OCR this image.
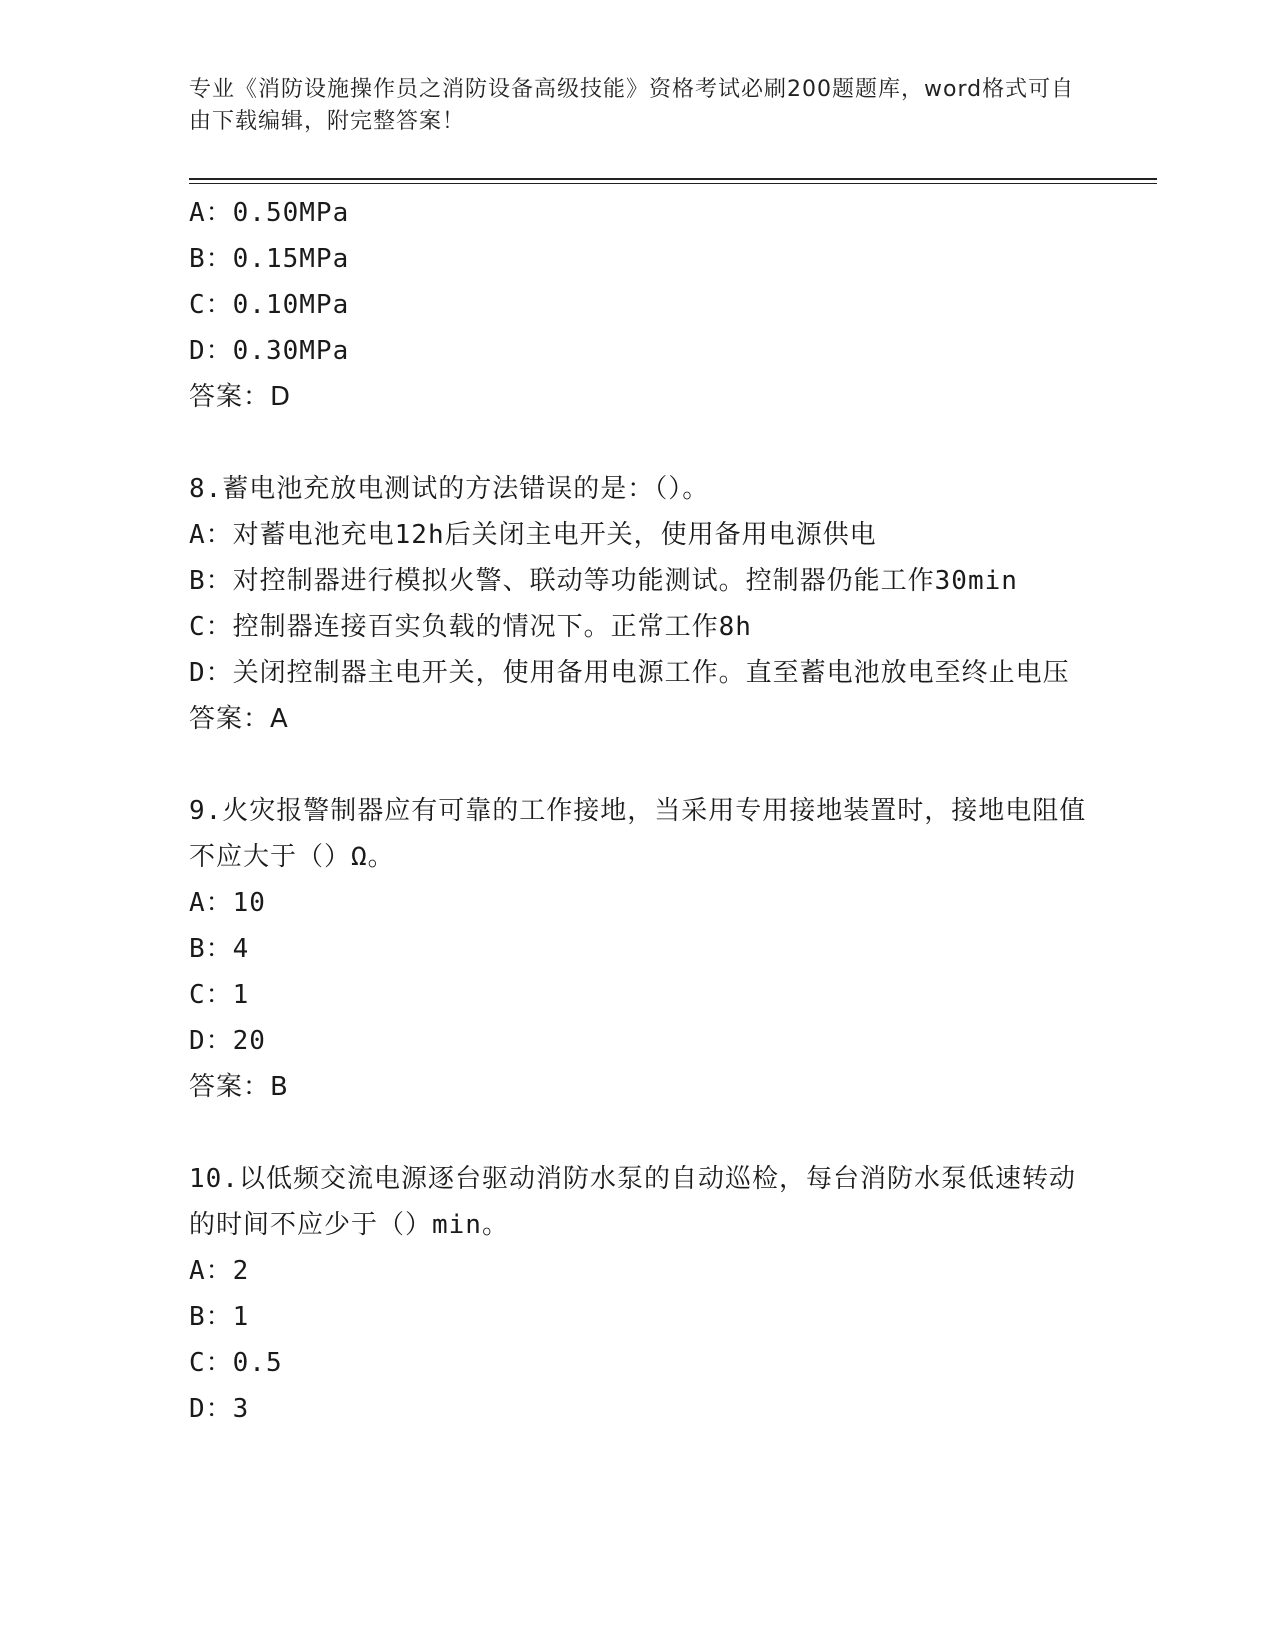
专业《消防设施操作员之消防设备高级技能》资格考试必刷200题题库，word格式可自由下载编辑，附完整答案！
A：0.50MPa
B：0.15MPa
C：0.10MPa
D：0.30MPa
答案：D
8.蓄电池充放电测试的方法错误的是：（）。
A：对蓄电池充电12h后关闭主电开关，使用备用电源供电
B：对控制器进行模拟火警、联动等功能测试。控制器仍能工作30min
C：控制器连接百实负载的情况下。正常工作8h
D：关闭控制器主电开关，使用备用电源工作。直至蓄电池放电至终止电压
答案：A
9.火灾报警制器应有可靠的工作接地，当采用专用接地装置时，接地电阻值不应大于（）Ω。
A：10
B：4
C：1
D：20
答案：B
10.以低频交流电源逐台驱动消防水泵的自动巡检，每台消防水泵低速转动的时间不应少于（）min。
A：2
B：1
C：0.5
D：3
